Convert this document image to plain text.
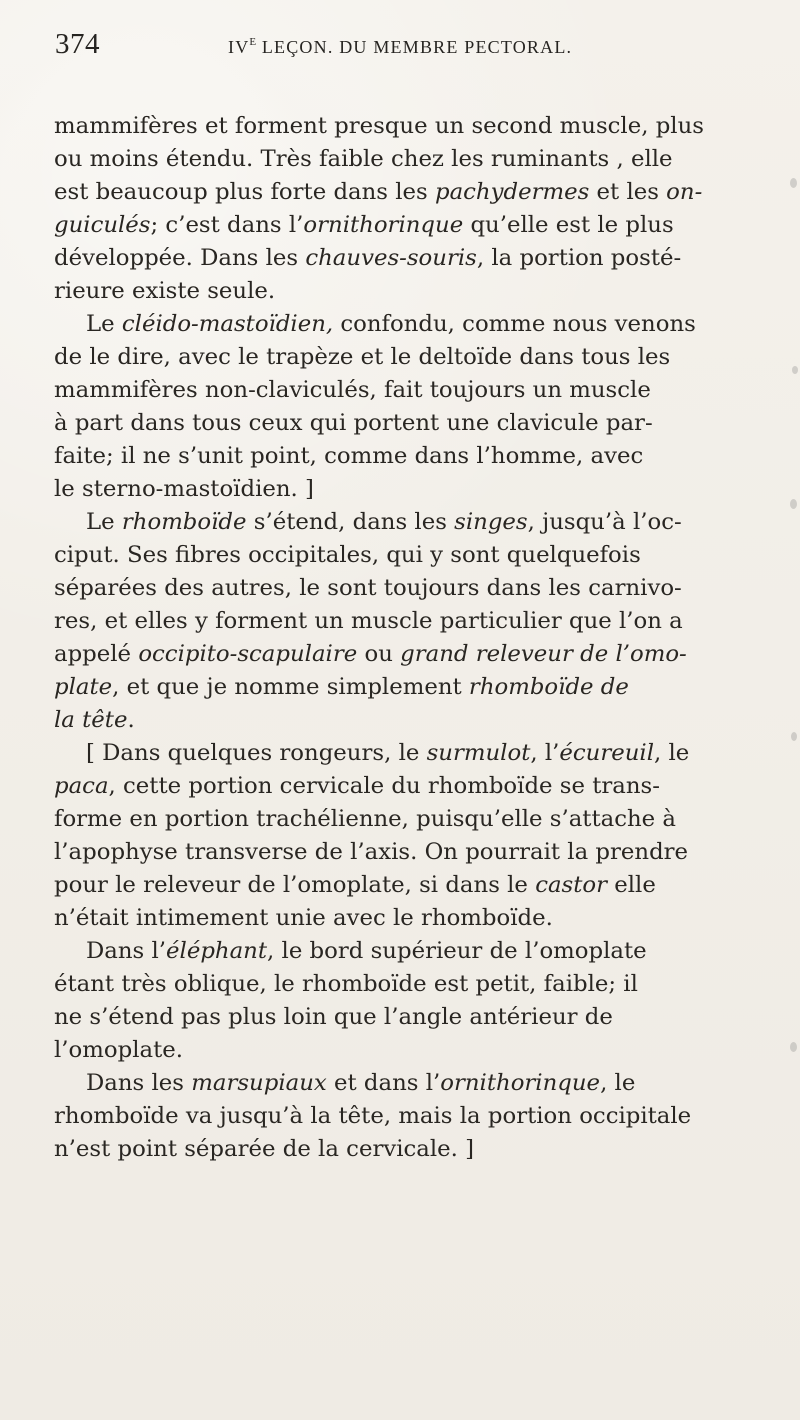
374	$IV^E$ LEÇON. DU MEMBRE PECTORAL.
mammifères et forment presque un second muscle, plus
ou moins étendu. Très faible chez les ruminants , elle
est beaucoup plus forte dans les pachydermes et les on-
guiculés; c’est dans l’ornithorinque qu’elle est le plus
développée. Dans les chauves-souris, la portion posté-
rieure existe seule.
Le cléido-mastoïdien, confondu, comme nous venons
de le dire, avec le trapèze et le deltoïde dans tous les
mammifères non-claviculés, fait toujours un muscle
à part dans tous ceux qui portent une clavicule par-
faite; il ne s’unit point, comme dans l’homme, avec
le sterno-mastoïdien. ]
Le rhomboïde s’étend, dans les singes, jusqu’à l’oc-
ciput. Ses fibres occipitales, qui y sont quelquefois
séparées des autres, le sont toujours dans les carnivo-
res, et elles y forment un muscle particulier que l’on a
appelé occipito-scapulaire ou grand releveur de l’omo-
plate, et que je nomme simplement rhomboïde de
la tête.
[ Dans quelques rongeurs, le surmulot, l’écureuil, le
paca, cette portion cervicale du rhomboïde se trans-
forme en portion trachélienne, puisqu’elle s’attache à
l’apophyse transverse de l’axis. On pourrait la prendre
pour le releveur de l’omoplate, si dans le castor elle
n’était intimement unie avec le rhomboïde.
Dans l’éléphant, le bord supérieur de l’omoplate
étant très oblique, le rhomboïde est petit, faible; il
ne s’étend pas plus loin que l’angle antérieur de
l’omoplate.
Dans les marsupiaux et dans l’ornithorinque, le
rhomboïde va jusqu’à la tête, mais la portion occipitale
n’est point séparée de la cervicale. ]
